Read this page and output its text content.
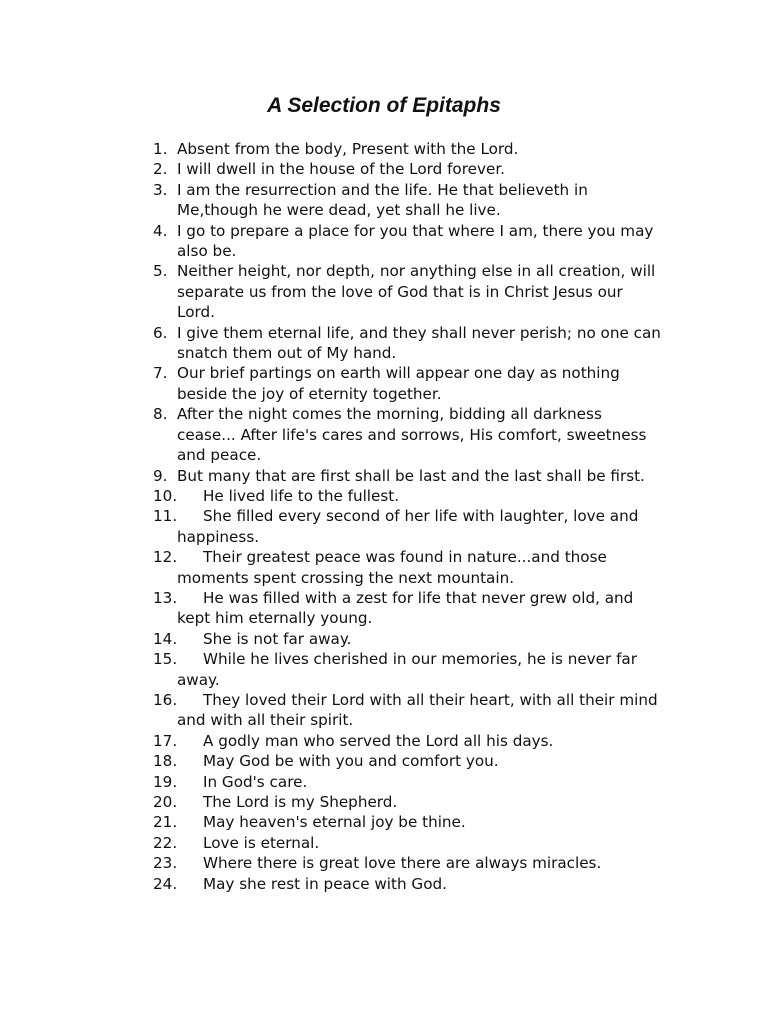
A Selection of Epitaphs
1. Absent from the body, Present with the Lord.
2. I will dwell in the house of the Lord forever.
3. I am the resurrection and the life. He that believeth in Me,though he were dead, yet shall he live.
4. I go to prepare a place for you that where I am, there you may also be.
5. Neither height, nor depth, nor anything else in all creation, will separate us from the love of God that is in Christ Jesus our Lord.
6. I give them eternal life, and they shall never perish; no one can snatch them out of My hand.
7. Our brief partings on earth will appear one day as nothing beside the joy of eternity together.
8. After the night comes the morning, bidding all darkness cease... After life's cares and sorrows, His comfort, sweetness and peace.
9. But many that are first shall be last and the last shall be first.
10.	He lived life to the fullest.
11.	She filled every second of her life with laughter, love and happiness.
12.	Their greatest peace was found in nature...and those moments spent crossing the next mountain.
13.	He was filled with a zest for life that never grew old, and kept him eternally young.
14.	She is not far away.
15.	While he lives cherished in our memories, he is never far away.
16.	They loved their Lord with all their heart, with all their mind and with all their spirit.
17.	A godly man who served the Lord all his days.
18.	May God be with you and comfort you.
19.	In God's care.
20.	The Lord is my Shepherd.
21.	May heaven's eternal joy be thine.
22.	Love is eternal.
23.	Where there is great love there are always miracles.
24.	May she rest in peace with God.
